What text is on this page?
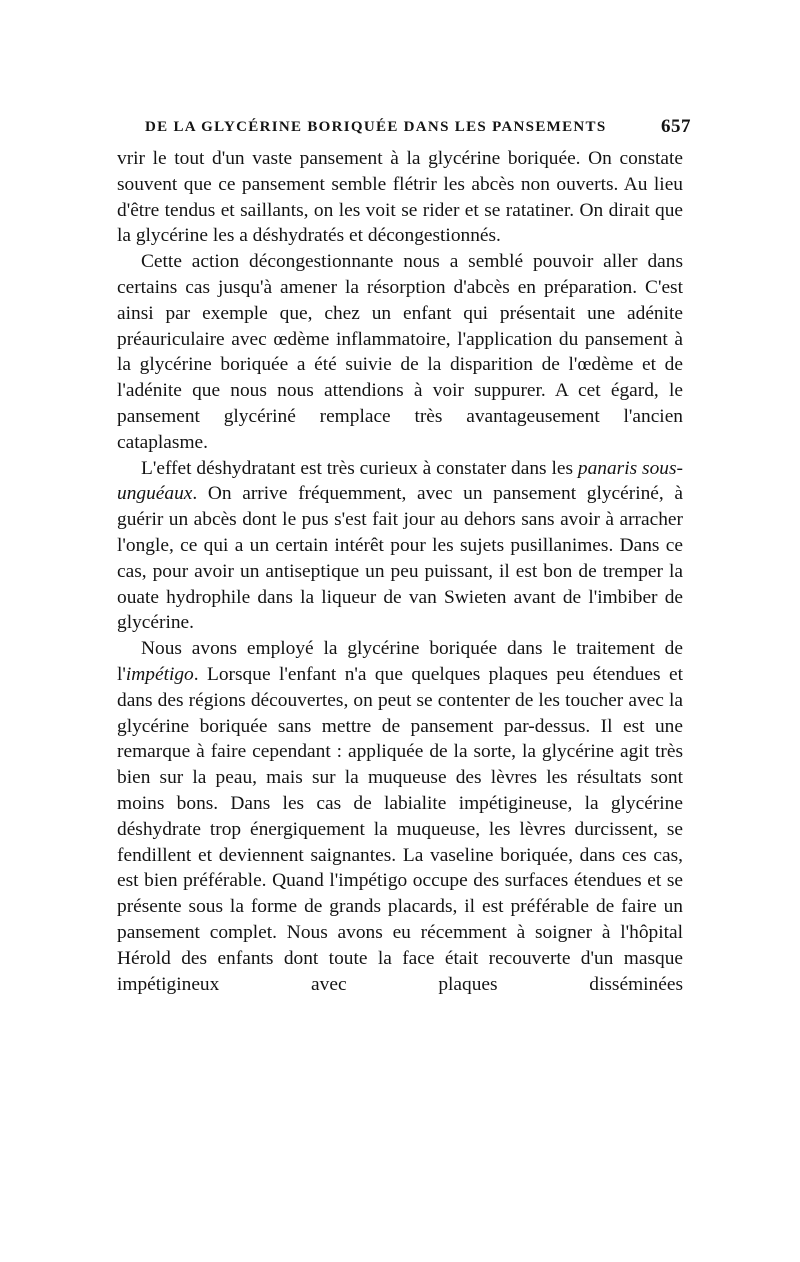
DE LA GLYCÉRINE BORIQUÉE DANS LES PANSEMENTS	657

vrir le tout d'un vaste pansement à la glycérine boriquée. On constate souvent que ce pansement semble flétrir les abcès non ouverts. Au lieu d'être tendus et saillants, on les voit se rider et se ratatiner. On dirait que la glycérine les a déshydratés et décongestionnés.

Cette action décongestionnante nous a semblé pouvoir aller dans certains cas jusqu'à amener la résorption d'abcès en préparation. C'est ainsi par exemple que, chez un enfant qui présentait une adénite préauriculaire avec œdème inflammatoire, l'application du pansement à la glycérine boriquée a été suivie de la disparition de l'œdème et de l'adénite que nous nous attendions à voir suppurer. A cet égard, le pansement glycériné remplace très avantageusement l'ancien cataplasme.

L'effet déshydratant est très curieux à constater dans les panaris sous-unguéaux. On arrive fréquemment, avec un pansement glycériné, à guérir un abcès dont le pus s'est fait jour au dehors sans avoir à arracher l'ongle, ce qui a un certain intérêt pour les sujets pusillanimes. Dans ce cas, pour avoir un antiseptique un peu puissant, il est bon de tremper la ouate hydrophile dans la liqueur de van Swieten avant de l'imbiber de glycérine.

Nous avons employé la glycérine boriquée dans le traitement de l'impétigo. Lorsque l'enfant n'a que quelques plaques peu étendues et dans des régions découvertes, on peut se contenter de les toucher avec la glycérine boriquée sans mettre de pansement par-dessus. Il est une remarque à faire cependant : appliquée de la sorte, la glycérine agit très bien sur la peau, mais sur la muqueuse des lèvres les résultats sont moins bons. Dans les cas de labialite impétigineuse, la glycérine déshydrate trop énergiquement la muqueuse, les lèvres durcissent, se fendillent et deviennent saignantes. La vaseline boriquée, dans ces cas, est bien préférable. Quand l'impétigo occupe des surfaces étendues et se présente sous la forme de grands placards, il est préférable de faire un pansement complet. Nous avons eu récemment à soigner à l'hôpital Hérold des enfants dont toute la face était recouverte d'un masque impétigineux avec plaques disséminées
